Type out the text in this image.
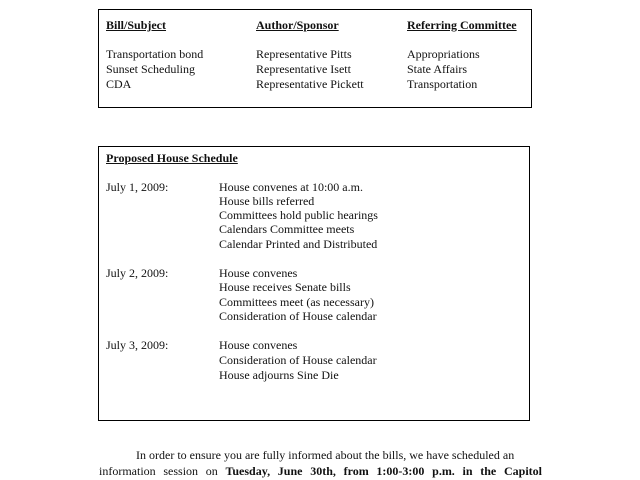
Bill/Subject	Author/Sponsor	Referring Committee
Transportation bond	Representative Pitts	Appropriations
Sunset Scheduling	Representative Isett	State Affairs
CDA	Representative Pickett	Transportation
Proposed House Schedule
July 1, 2009:	House convenes at 10:00 a.m.
House bills referred
Committees hold public hearings
Calendars Committee meets
Calendar Printed and Distributed
July 2, 2009:	House convenes
House receives Senate bills
Committees meet (as necessary)
Consideration of House calendar
July 3, 2009:	House convenes
Consideration of House calendar
House adjourns Sine Die
In order to ensure you are fully informed about the bills, we have scheduled an
information session on Tuesday, June 30th, from 1:00-3:00 p.m. in the Capitol
